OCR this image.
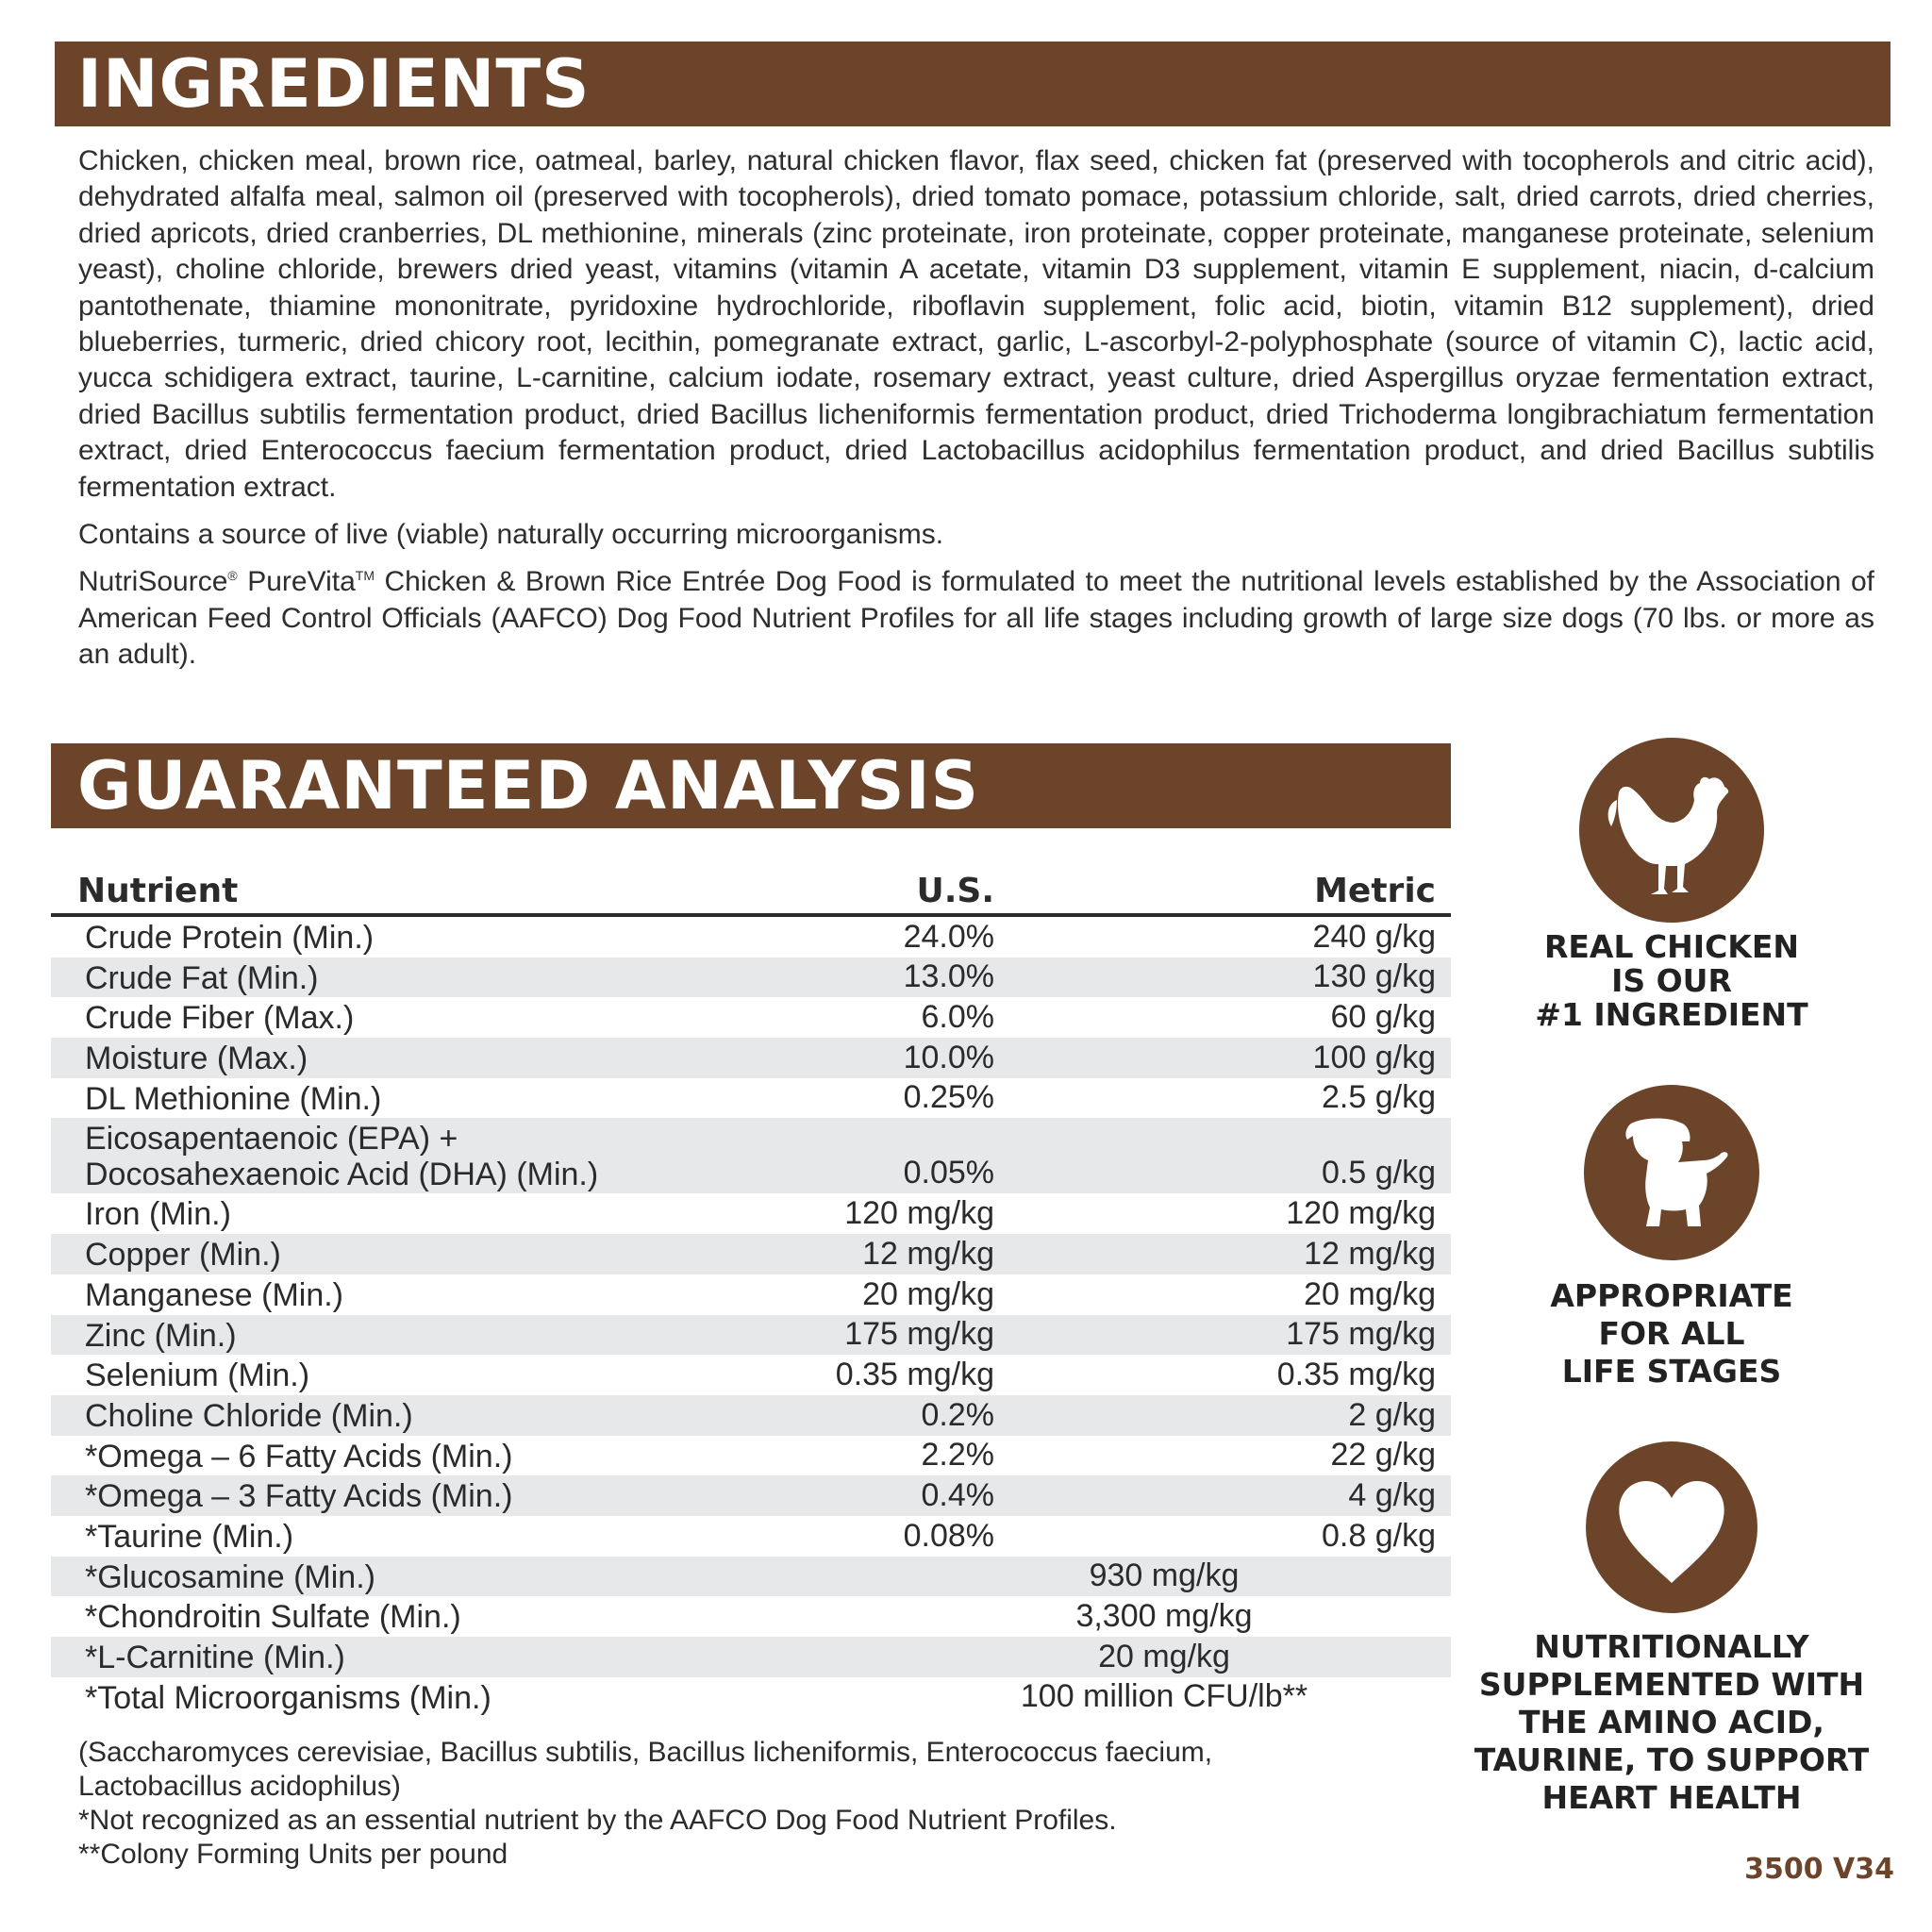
INGREDIENTS

Chicken, chicken meal, brown rice, oatmeal, barley, natural chicken flavor, flax seed, chicken fat (preserved with tocopherols and citric acid), dehydrated alfalfa meal, salmon oil (preserved with tocopherols), dried tomato pomace, potassium chloride, salt, dried carrots, dried cherries, dried apricots, dried cranberries, DL methionine, minerals (zinc proteinate, iron proteinate, copper proteinate, manganese proteinate, selenium yeast), choline chloride, brewers dried yeast, vitamins (vitamin A acetate, vitamin D3 supplement, vitamin E supplement, niacin, d-calcium pantothenate, thiamine mononitrate, pyridoxine hydrochloride, riboflavin supplement, folic acid, biotin, vitamin B12 supplement), dried blueberries, turmeric, dried chicory root, lecithin, pomegranate extract, garlic, L-ascorbyl-2-polyphosphate (source of vitamin C), lactic acid, yucca schidigera extract, taurine, L-carnitine, calcium iodate, rosemary extract, yeast culture, dried Aspergillus oryzae fermentation extract, dried Bacillus subtilis fermentation product, dried Bacillus licheniformis fermentation product, dried Trichoderma longibrachiatum fermentation extract, dried Enterococcus faecium fermentation product, dried Lactobacillus acidophilus fermentation product, and dried Bacillus subtilis fermentation extract.

Contains a source of live (viable) naturally occurring microorganisms.

NutriSource® PureVita™ Chicken & Brown Rice Entrée Dog Food is formulated to meet the nutritional levels established by the Association of American Feed Control Officials (AAFCO) Dog Food Nutrient Profiles for all life stages including growth of large size dogs (70 lbs. or more as an adult).

GUARANTEED ANALYSIS
Nutrient	U.S.	Metric
Crude Protein (Min.)	24.0%	240 g/kg
Crude Fat (Min.)	13.0%	130 g/kg
Crude Fiber (Max.)	6.0%	60 g/kg
Moisture (Max.)	10.0%	100 g/kg
DL Methionine (Min.)	0.25%	2.5 g/kg
Eicosapentaenoic (EPA) +
Docosahexaenoic Acid (DHA) (Min.)	0.05%	0.5 g/kg
Iron (Min.)	120 mg/kg	120 mg/kg
Copper (Min.)	12 mg/kg	12 mg/kg
Manganese (Min.)	20 mg/kg	20 mg/kg
Zinc (Min.)	175 mg/kg	175 mg/kg
Selenium (Min.)	0.35 mg/kg	0.35 mg/kg
Choline Chloride (Min.)	0.2%	2 g/kg
*Omega – 6 Fatty Acids (Min.)	2.2%	22 g/kg
*Omega – 3 Fatty Acids (Min.)	0.4%	4 g/kg
*Taurine (Min.)	0.08%	0.8 g/kg
*Glucosamine (Min.)	930 mg/kg
*Chondroitin Sulfate (Min.)	3,300 mg/kg
*L-Carnitine (Min.)	20 mg/kg
*Total Microorganisms (Min.)	100 million CFU/lb**
(Saccharomyces cerevisiae, Bacillus subtilis, Bacillus licheniformis, Enterococcus faecium,
Lactobacillus acidophilus)
*Not recognized as an essential nutrient by the AAFCO Dog Food Nutrient Profiles.
**Colony Forming Units per pound
REAL CHICKEN
IS OUR
#1 INGREDIENT
APPROPRIATE
FOR ALL
LIFE STAGES
NUTRITIONALLY
SUPPLEMENTED WITH
THE AMINO ACID,
TAURINE, TO SUPPORT
HEART HEALTH
3500 V34
